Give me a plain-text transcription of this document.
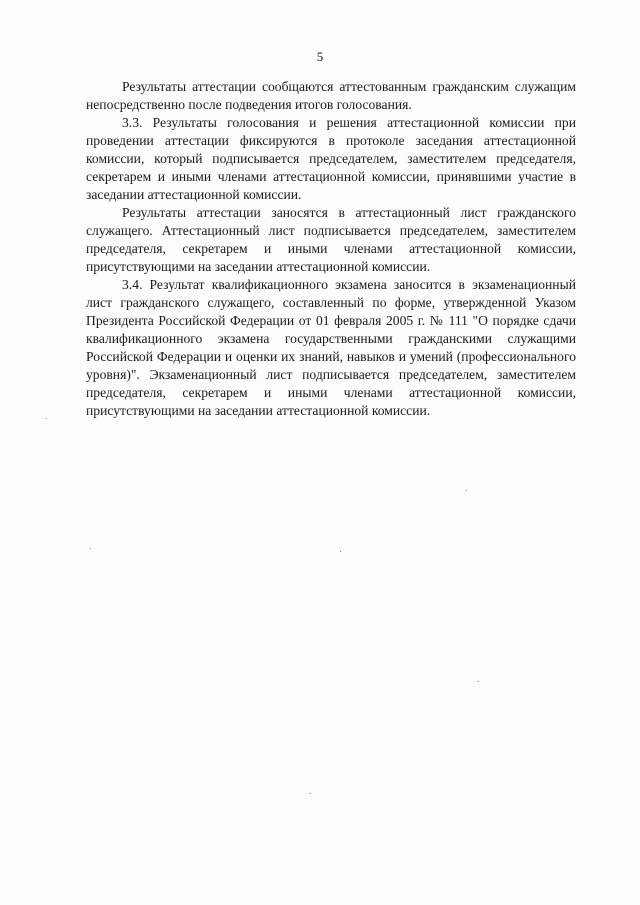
5

Результаты аттестации сообщаются аттестованным гражданским служащим непосредственно после подведения итогов голосования.

3.3. Результаты голосования и решения аттестационной комиссии при проведении аттестации фиксируются в протоколе заседания аттестационной комиссии, который подписывается председателем, заместителем председателя, секретарем и иными членами аттестационной комиссии, принявшими участие в заседании аттестационной комиссии.

Результаты аттестации заносятся в аттестационный лист гражданского служащего. Аттестационный лист подписывается председателем, заместителем председателя, секретарем и иными членами аттестационной комиссии, присутствующими на заседании аттестационной комиссии.

3.4. Результат квалификационного экзамена заносится в экзаменационный лист гражданского служащего, составленный по форме, утвержденной Указом Президента Российской Федерации от 01 февраля 2005 г. № 111 "О порядке сдачи квалификационного экзамена государственными гражданскими служащими Российской Федерации и оценки их знаний, навыков и умений (профессионального уровня)". Экзаменационный лист подписывается председателем, заместителем председателя, секретарем и иными членами аттестационной комиссии, присутствующими на заседании аттестационной комиссии.
